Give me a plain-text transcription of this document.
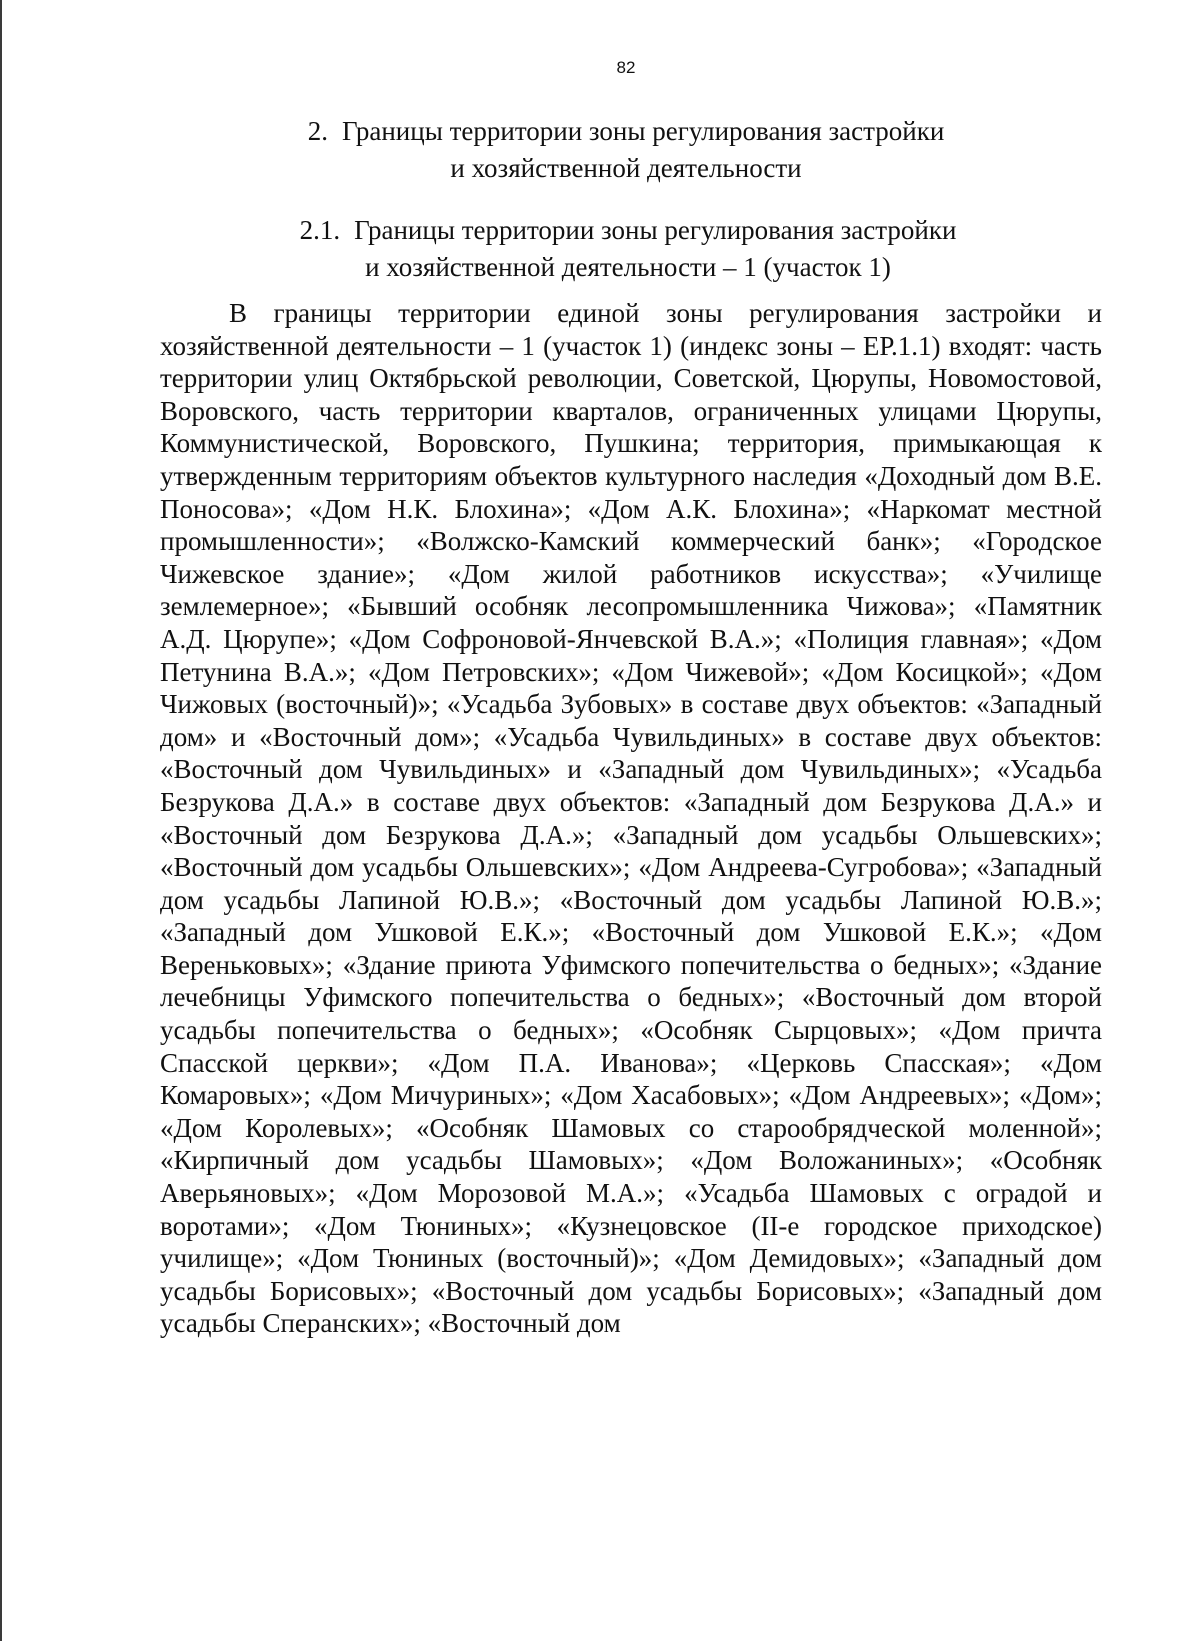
82
2. Границы территории зоны регулирования застройки
и хозяйственной деятельности
2.1. Границы территории зоны регулирования застройки
и хозяйственной деятельности – 1 (участок 1)

В границы территории единой зоны регулирования застройки и хозяйственной деятельности – 1 (участок 1) (индекс зоны – ЕР.1.1) входят: часть территории улиц Октябрьской революции, Советской, Цюрупы, Новомостовой, Воровского, часть территории кварталов, ограниченных улицами Цюрупы, Коммунистической, Воровского, Пушкина; территория, примыкающая к утвержденным территориям объектов культурного наследия «Доходный дом В.Е. Поносова»; «Дом Н.К. Блохина»; «Дом А.К. Блохина»; «Наркомат местной промышленности»; «Волжско-Камский коммерческий банк»; «Городское Чижевское здание»; «Дом жилой работников искусства»; «Училище землемерное»; «Бывший особняк лесопромышленника Чижова»; «Памятник А.Д. Цюрупе»; «Дом Софроновой-Янчевской В.А.»; «Полиция главная»; «Дом Петунина В.А.»; «Дом Петровских»; «Дом Чижевой»; «Дом Косицкой»; «Дом Чижовых (восточный)»; «Усадьба Зубовых» в составе двух объектов: «Западный дом» и «Восточный дом»; «Усадьба Чувильдиных» в составе двух объектов: «Восточный дом Чувильдиных» и «Западный дом Чувильдиных»; «Усадьба Безрукова Д.А.» в составе двух объектов: «Западный дом Безрукова Д.А.» и «Восточный дом Безрукова Д.А.»; «Западный дом усадьбы Ольшевских»; «Восточный дом усадьбы Ольшевских»; «Дом Андреева-Сугробова»; «Западный дом усадьбы Лапиной Ю.В.»; «Восточный дом усадьбы Лапиной Ю.В.»; «Западный дом Ушковой Е.К.»; «Восточный дом Ушковой Е.К.»; «Дом Вереньковых»; «Здание приюта Уфимского попечительства о бедных»; «Здание лечебницы Уфимского попечительства о бедных»; «Восточный дом второй усадьбы попечительства о бедных»; «Особняк Сырцовых»; «Дом причта Спасской церкви»; «Дом П.А. Иванова»; «Церковь Спасская»; «Дом Комаровых»; «Дом Мичуриных»; «Дом Хасабовых»; «Дом Андреевых»; «Дом»; «Дом Королевых»; «Особняк Шамовых со старообрядческой моленной»; «Кирпичный дом усадьбы Шамовых»; «Дом Воложаниных»; «Особняк Аверьяновых»; «Дом Морозовой М.А.»; «Усадьба Шамовых с оградой и воротами»; «Дом Тюниных»; «Кузнецовское (II-е городское приходское) училище»; «Дом Тюниных (восточный)»; «Дом Демидовых»; «Западный дом усадьбы Борисовых»; «Восточный дом усадьбы Борисовых»; «Западный дом усадьбы Сперанских»; «Восточный дом
